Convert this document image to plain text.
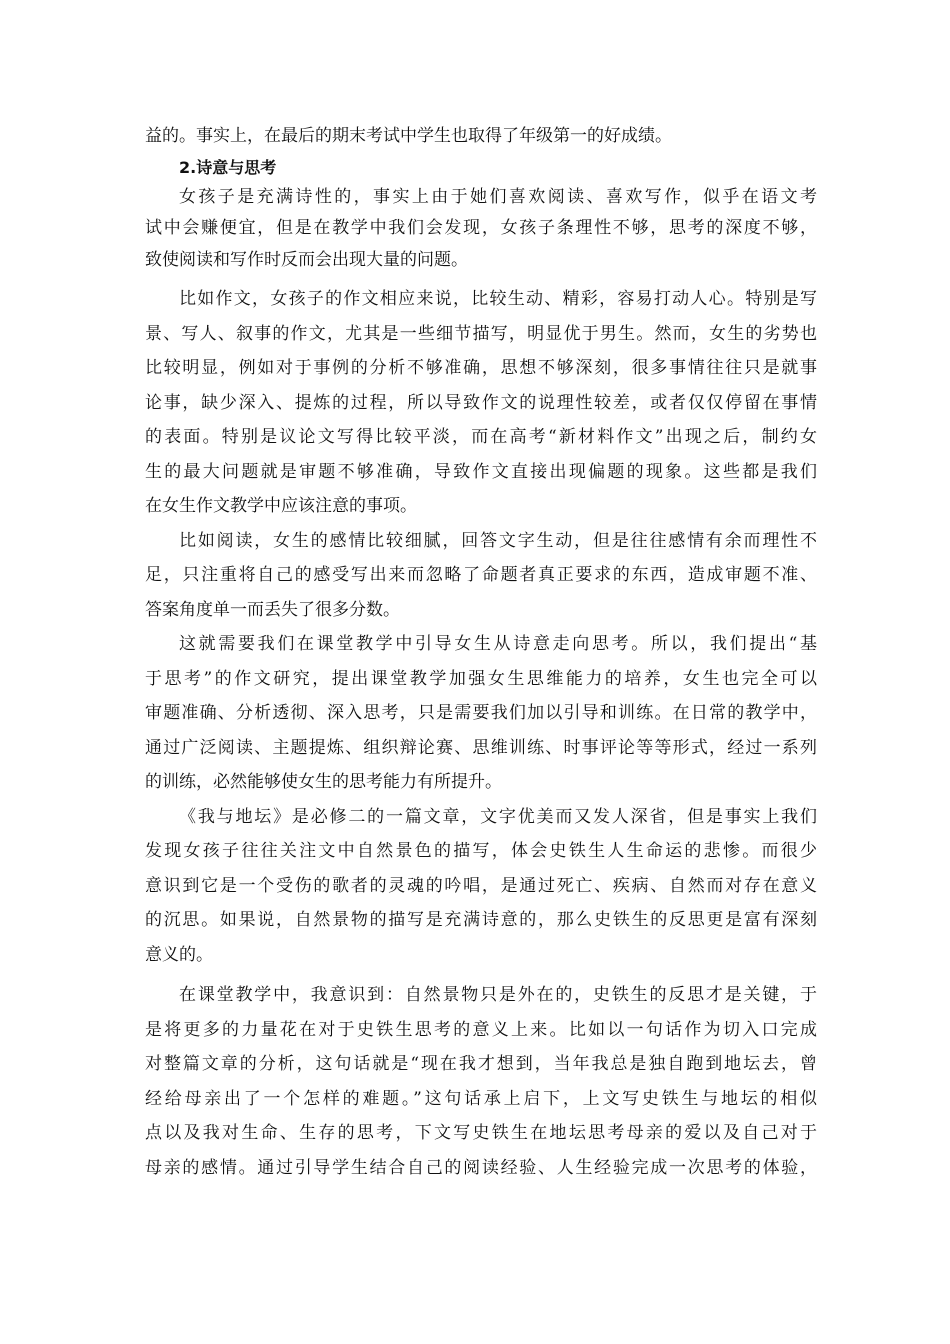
益的。事实上，在最后的期末考试中学生也取得了年级第一的好成绩。
2.诗意与思考
女孩子是充满诗性的，事实上由于她们喜欢阅读、喜欢写作，似乎在语文考
试中会赚便宜，但是在教学中我们会发现，女孩子条理性不够，思考的深度不够，
致使阅读和写作时反而会出现大量的问题。
比如作文，女孩子的作文相应来说，比较生动、精彩，容易打动人心。特别是写
景、写人、叙事的作文，尤其是一些细节描写，明显优于男生。然而，女生的劣势也
比较明显，例如对于事例的分析不够准确，思想不够深刻，很多事情往往只是就事
论事，缺少深入、提炼的过程，所以导致作文的说理性较差，或者仅仅停留在事情
的表面。特别是议论文写得比较平淡，而在高考“新材料作文”出现之后，制约女
生的最大问题就是审题不够准确，导致作文直接出现偏题的现象。这些都是我们
在女生作文教学中应该注意的事项。
比如阅读，女生的感情比较细腻，回答文字生动，但是往往感情有余而理性不
足，只注重将自己的感受写出来而忽略了命题者真正要求的东西，造成审题不准、
答案角度单一而丢失了很多分数。
这就需要我们在课堂教学中引导女生从诗意走向思考。所以，我们提出“基
于思考”的作文研究，提出课堂教学加强女生思维能力的培养，女生也完全可以
审题准确、分析透彻、深入思考，只是需要我们加以引导和训练。在日常的教学中，
通过广泛阅读、主题提炼、组织辩论赛、思维训练、时事评论等等形式，经过一系列
的训练，必然能够使女生的思考能力有所提升。
《我与地坛》是必修二的一篇文章，文字优美而又发人深省，但是事实上我们
发现女孩子往往关注文中自然景色的描写，体会史铁生人生命运的悲惨。而很少
意识到它是一个受伤的歌者的灵魂的吟唱，是通过死亡、疾病、自然而对存在意义
的沉思。如果说，自然景物的描写是充满诗意的，那么史铁生的反思更是富有深刻
意义的。
在课堂教学中，我意识到：自然景物只是外在的，史铁生的反思才是关键，于
是将更多的力量花在对于史铁生思考的意义上来。比如以一句话作为切入口完成
对整篇文章的分析，这句话就是“现在我才想到，当年我总是独自跑到地坛去，曾
经给母亲出了一个怎样的难题。”这句话承上启下，上文写史铁生与地坛的相似
点以及我对生命、生存的思考，下文写史铁生在地坛思考母亲的爱以及自己对于
母亲的感情。通过引导学生结合自己的阅读经验、人生经验完成一次思考的体验，
